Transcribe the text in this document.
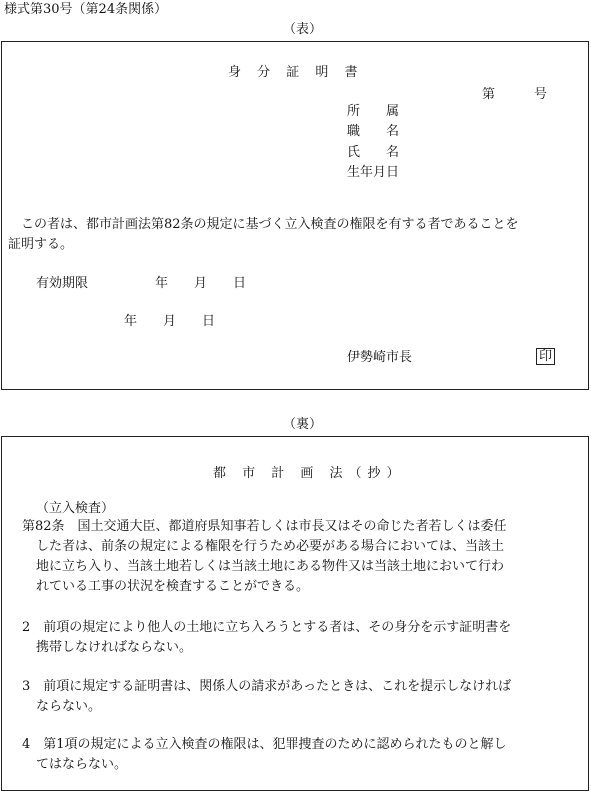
様式第30号（第24条関係）
（表）
身 分 証 明 書
第　　　号
所　　属
職　　名
氏　　名
生年月日
この者は、都市計画法第82条の規定に基づく立入検査の権限を有する者であることを
証明する。
有効期限	年　　月　　日
年　　月　　日
伊勢崎市長	印
（裏）
都 市 計 画 法（抄）
（立入検査）
第82条　国土交通大臣、都道府県知事若しくは市長又はその命じた者若しくは委任
した者は、前条の規定による権限を行うため必要がある場合においては、当該土
地に立ち入り、当該土地若しくは当該土地にある物件又は当該土地において行わ
れている工事の状況を検査することができる。
2　前項の規定により他人の土地に立ち入ろうとする者は、その身分を示す証明書を
携帯しなければならない。
3　前項に規定する証明書は、関係人の請求があったときは、これを提示しなければ
ならない。
4　第1項の規定による立入検査の権限は、犯罪捜査のために認められたものと解し
てはならない。
